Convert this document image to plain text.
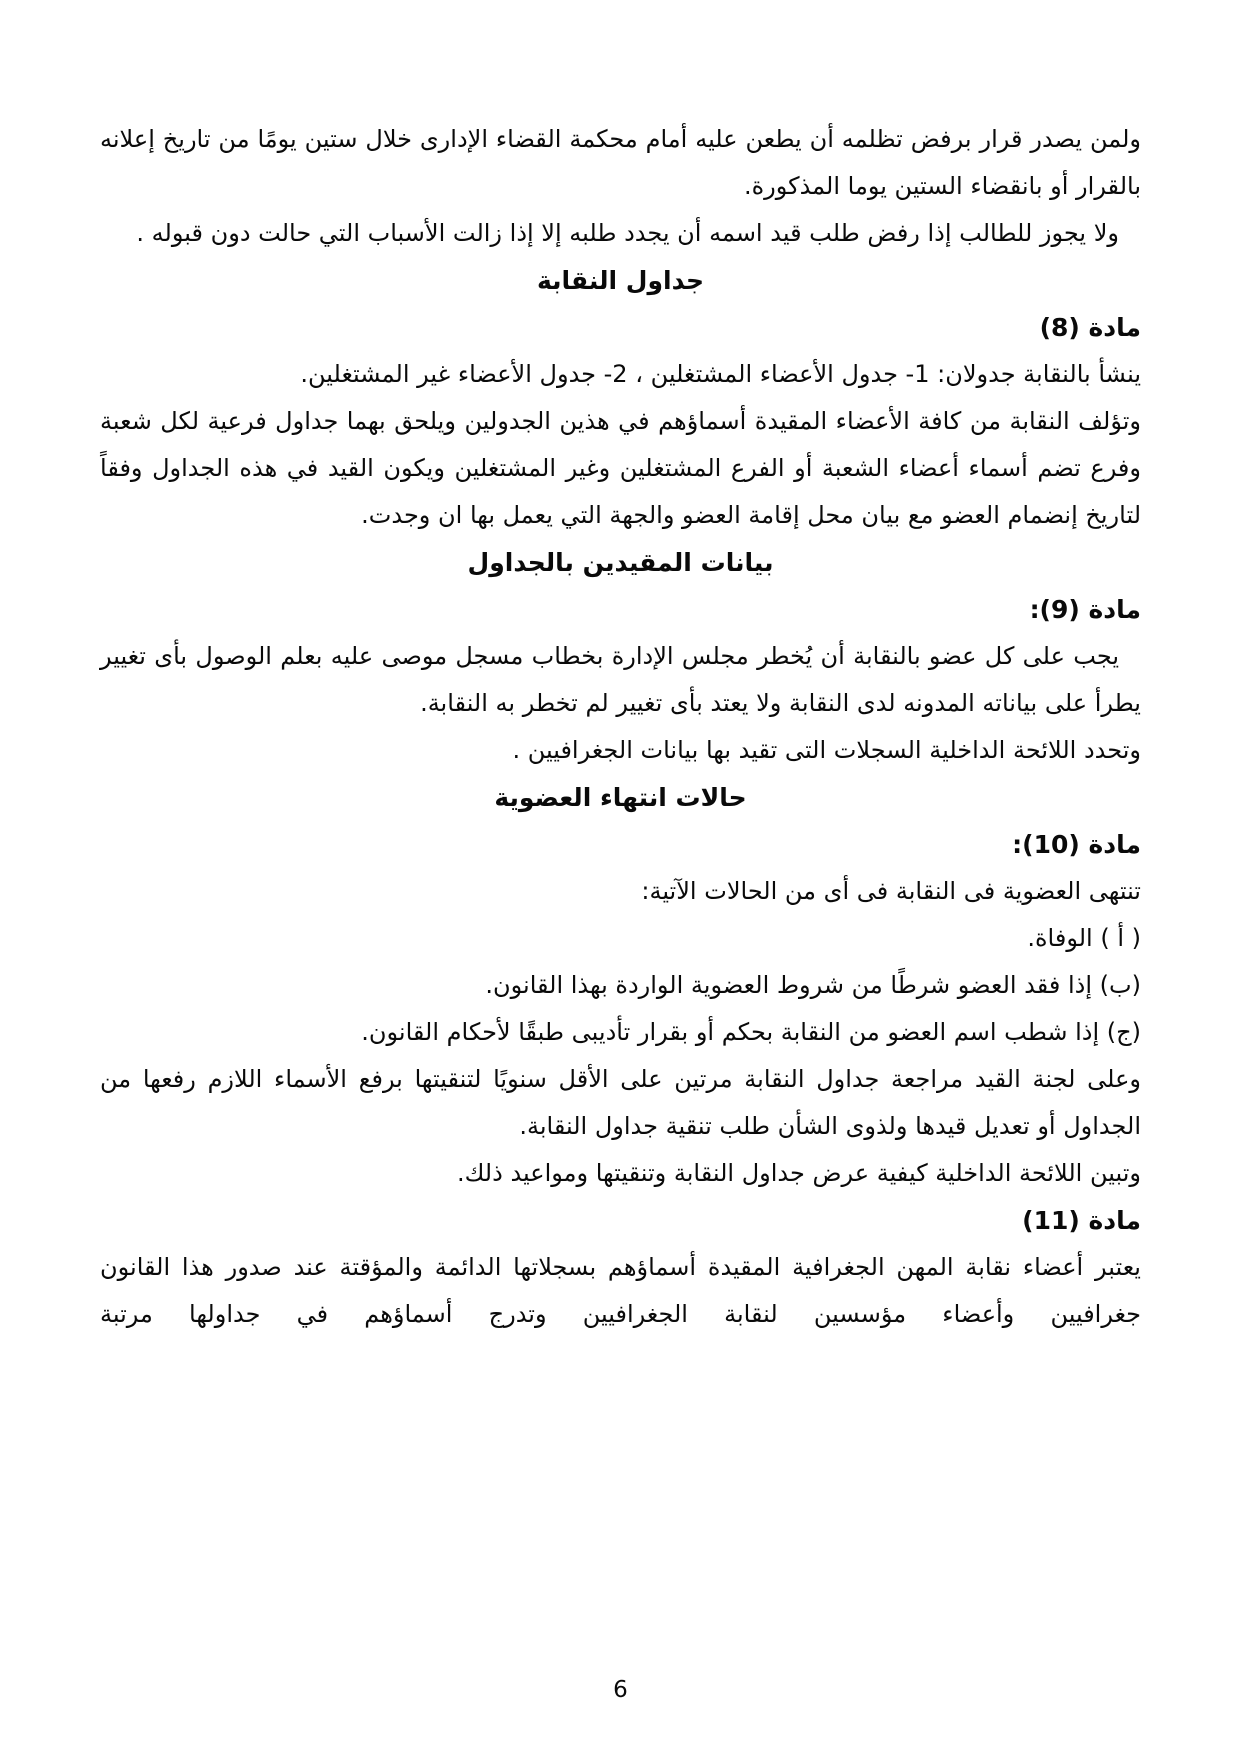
ولمن يصدر قرار برفض تظلمه أن يطعن عليه أمام محكمة القضاء الإدارى خلال ستين يومًا من تاريخ إعلانه بالقرار أو بانقضاء الستين يوما المذكورة.

ولا يجوز للطالب إذا رفض طلب قيد اسمه أن يجدد طلبه إلا إذا زالت الأسباب التي حالت دون قبوله .

جداول النقابة

مادة (8)

ينشأ بالنقابة جدولان: 1- جدول الأعضاء المشتغلين ، 2- جدول الأعضاء غير المشتغلين.

وتؤلف النقابة من كافة الأعضاء المقيدة أسماؤهم في هذين الجدولين ويلحق بهما جداول فرعية لكل شعبة وفرع تضم أسماء أعضاء الشعبة أو الفرع المشتغلين وغير المشتغلين ويكون القيد في هذه الجداول وفقاً لتاريخ إنضمام العضو مع بيان محل إقامة العضو والجهة التي يعمل بها ان وجدت.

بيانات المقيدين بالجداول

مادة (9):

يجب على كل عضو بالنقابة أن يُخطر مجلس الإدارة بخطاب مسجل موصى عليه بعلم الوصول بأى تغيير يطرأ على بياناته المدونه لدى النقابة ولا يعتد بأى تغيير لم تخطر به النقابة.

وتحدد اللائحة الداخلية السجلات التى تقيد بها بيانات الجغرافيين .

حالات انتهاء العضوية

مادة (10):

تنتهى العضوية فى النقابة فى أى من الحالات الآتية:

( أ ) الوفاة.

(ب) إذا فقد العضو شرطًا من شروط العضوية الواردة بهذا القانون.

(ج) إذا شطب اسم العضو من النقابة بحكم أو بقرار تأديبى طبقًا لأحكام القانون.

وعلى لجنة القيد مراجعة جداول النقابة مرتين على الأقل سنويًا لتنقيتها برفع الأسماء اللازم رفعها من الجداول أو تعديل قيدها ولذوى الشأن طلب تنقية جداول النقابة.

وتبين اللائحة الداخلية كيفية عرض جداول النقابة وتنقيتها ومواعيد ذلك.

مادة (11)

يعتبر أعضاء نقابة المهن الجغرافية المقيدة أسماؤهم بسجلاتها الدائمة والمؤقتة عند صدور هذا القانون جغرافيين وأعضاء مؤسسين لنقابة الجغرافيين وتدرج أسماؤهم في جداولها مرتبة

6
